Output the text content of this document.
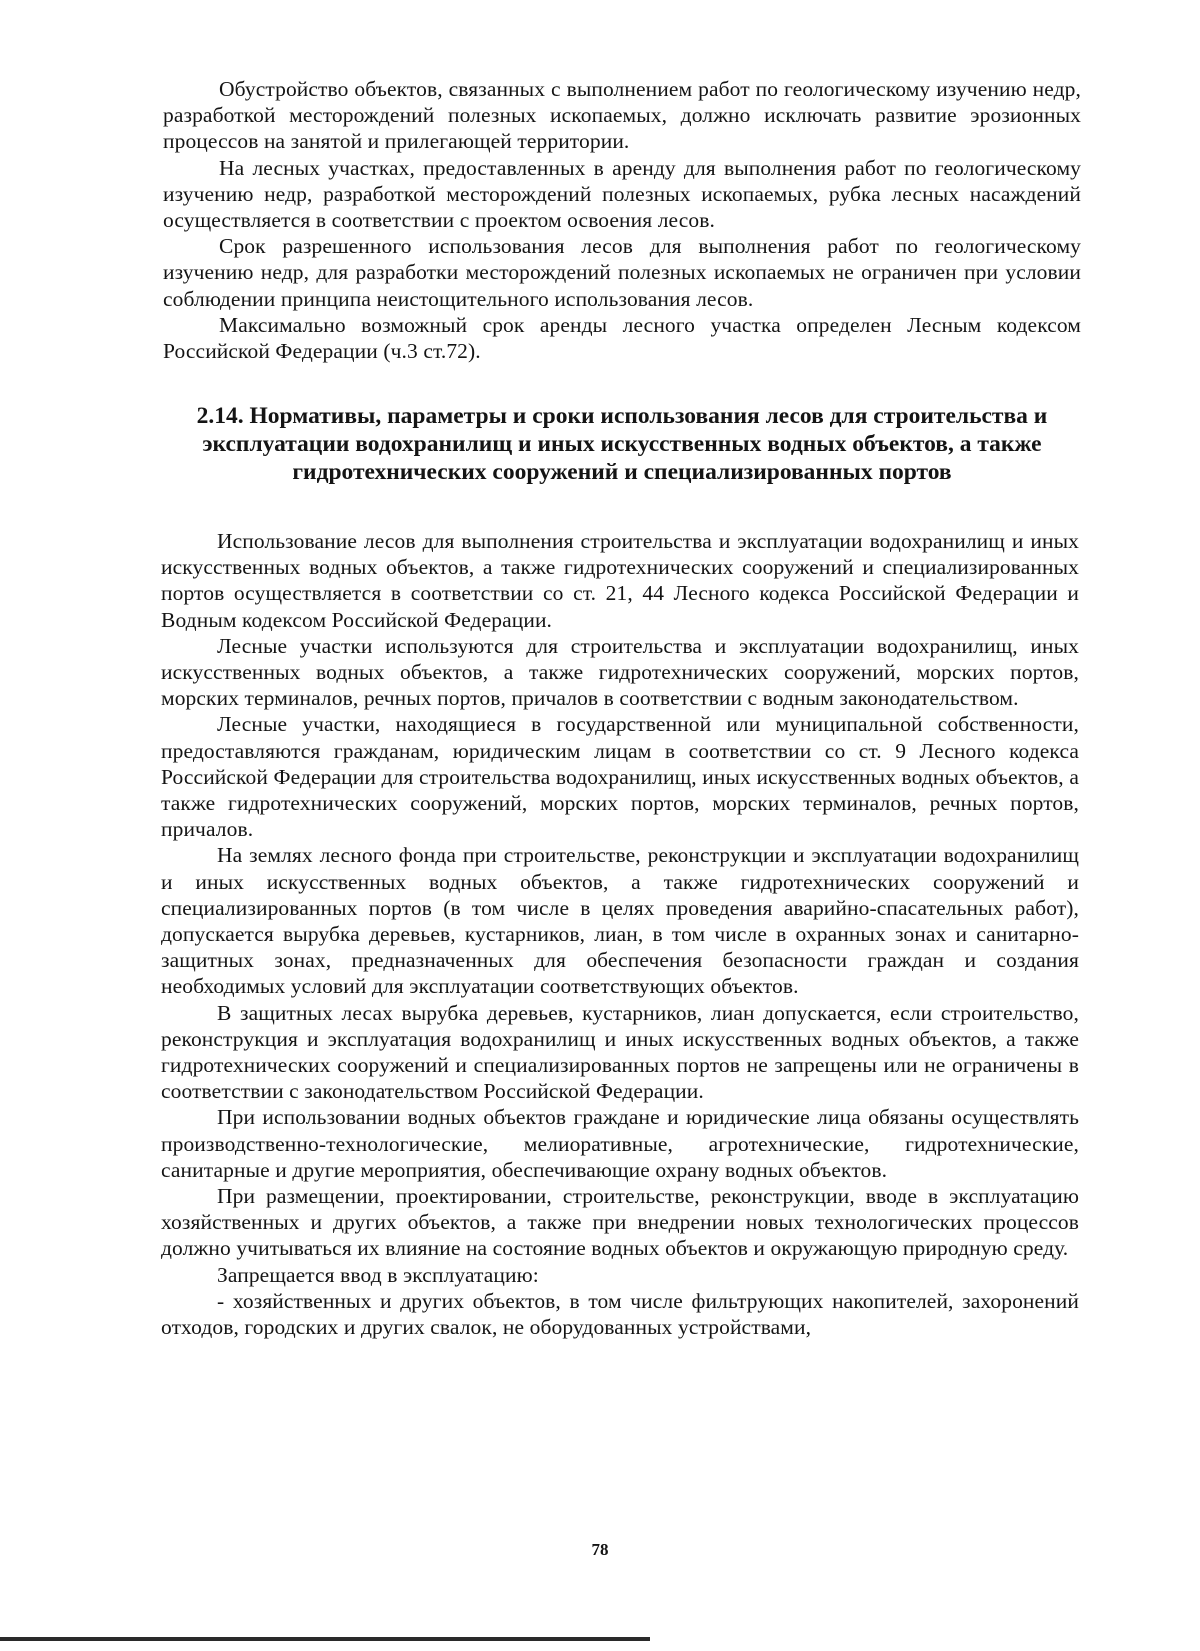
Обустройство объектов, связанных с выполнением работ по геологическому изучению недр, разработкой месторождений полезных ископаемых, должно исключать развитие эрозионных процессов на занятой и прилегающей территории.

На лесных участках, предоставленных в аренду для выполнения работ по геологическому изучению недр, разработкой месторождений полезных ископаемых, рубка лесных насаждений осуществляется в соответствии с проектом освоения лесов.

Срок разрешенного использования лесов для выполнения работ по геологическому изучению недр, для разработки месторождений полезных ископаемых не ограничен при условии соблюдении принципа неистощительного использования лесов.

Максимально возможный срок аренды лесного участка определен Лесным кодексом Российской Федерации (ч.3 ст.72).

2.14. Нормативы, параметры и сроки использования лесов для строительства и эксплуатации водохранилищ и иных искусственных водных объектов, а также гидротехнических сооружений и специализированных портов

Использование лесов для выполнения строительства и эксплуатации водохранилищ и иных искусственных водных объектов, а также гидротехнических сооружений и специализированных портов осуществляется в соответствии со ст. 21, 44 Лесного кодекса Российской Федерации и Водным кодексом Российской Федерации.

Лесные участки используются для строительства и эксплуатации водохранилищ, иных искусственных водных объектов, а также гидротехнических сооружений, морских портов, морских терминалов, речных портов, причалов в соответствии с водным законодательством.

Лесные участки, находящиеся в государственной или муниципальной собственности, предоставляются гражданам, юридическим лицам в соответствии со ст. 9 Лесного кодекса Российской Федерации для строительства водохранилищ, иных искусственных водных объектов, а также гидротехнических сооружений, морских портов, морских терминалов, речных портов, причалов.

На землях лесного фонда при строительстве, реконструкции и эксплуатации водохранилищ и иных искусственных водных объектов, а также гидротехнических сооружений и специализированных портов (в том числе в целях проведения аварийно-спасательных работ), допускается вырубка деревьев, кустарников, лиан, в том числе в охранных зонах и санитарно-защитных зонах, предназначенных для обеспечения безопасности граждан и создания необходимых условий для эксплуатации соответствующих объектов.

В защитных лесах вырубка деревьев, кустарников, лиан допускается, если строительство, реконструкция и эксплуатация водохранилищ и иных искусственных водных объектов, а также гидротехнических сооружений и специализированных портов не запрещены или не ограничены в соответствии с законодательством Российской Федерации.

При использовании водных объектов граждане и юридические лица обязаны осуществлять производственно-технологические, мелиоративные, агротехнические, гидротехнические, санитарные и другие мероприятия, обеспечивающие охрану водных объектов.

При размещении, проектировании, строительстве, реконструкции, вводе в эксплуатацию хозяйственных и других объектов, а также при внедрении новых технологических процессов должно учитываться их влияние на состояние водных объектов и окружающую природную среду.

Запрещается ввод в эксплуатацию:

- хозяйственных и других объектов, в том числе фильтрующих накопителей, захоронений отходов, городских и других свалок, не оборудованных устройствами,

78
